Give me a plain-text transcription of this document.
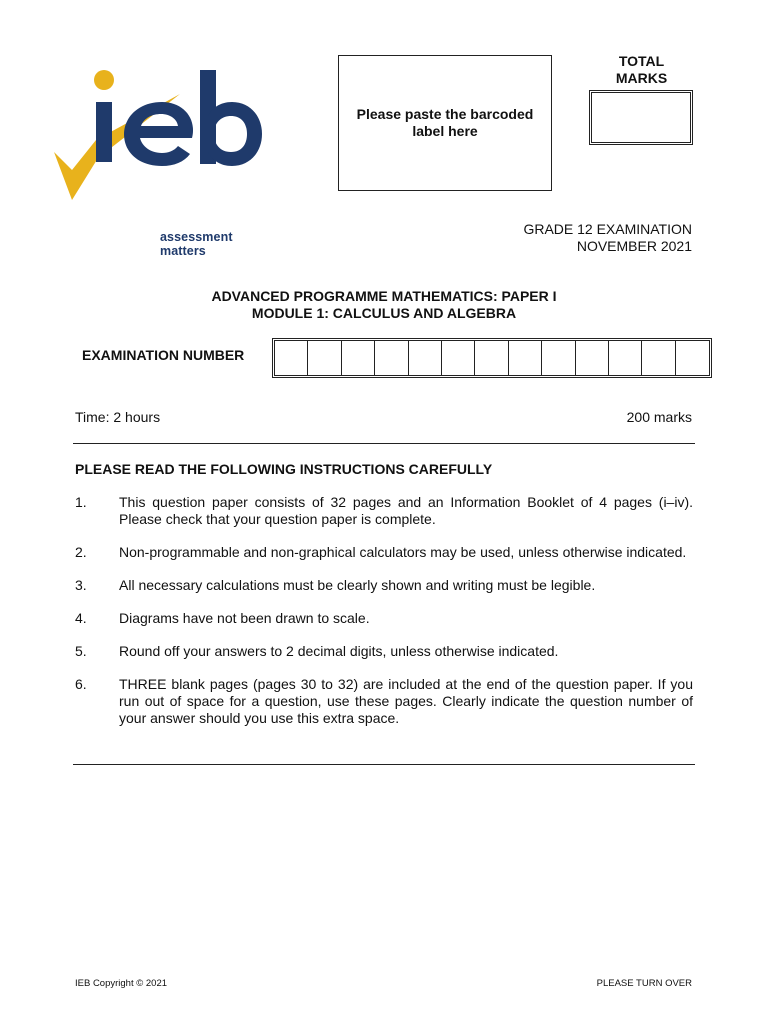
assessment matters
Please paste the barcoded label here
TOTAL
MARKS
GRADE 12 EXAMINATION
NOVEMBER 2021
ADVANCED PROGRAMME MATHEMATICS: PAPER I
MODULE 1: CALCULUS AND ALGEBRA
EXAMINATION NUMBER
Time: 2 hours	200 marks
PLEASE READ THE FOLLOWING INSTRUCTIONS CAREFULLY
1.	This question paper consists of 32 pages and an Information Booklet of 4 pages (i–iv). Please check that your question paper is complete.
2.	Non-programmable and non-graphical calculators may be used, unless otherwise indicated.
3.	All necessary calculations must be clearly shown and writing must be legible.
4.	Diagrams have not been drawn to scale.
5.	Round off your answers to 2 decimal digits, unless otherwise indicated.
6.	THREE blank pages (pages 30 to 32) are included at the end of the question paper. If you run out of space for a question, use these pages. Clearly indicate the question number of your answer should you use this extra space.
IEB Copyright © 2021	PLEASE TURN OVER
